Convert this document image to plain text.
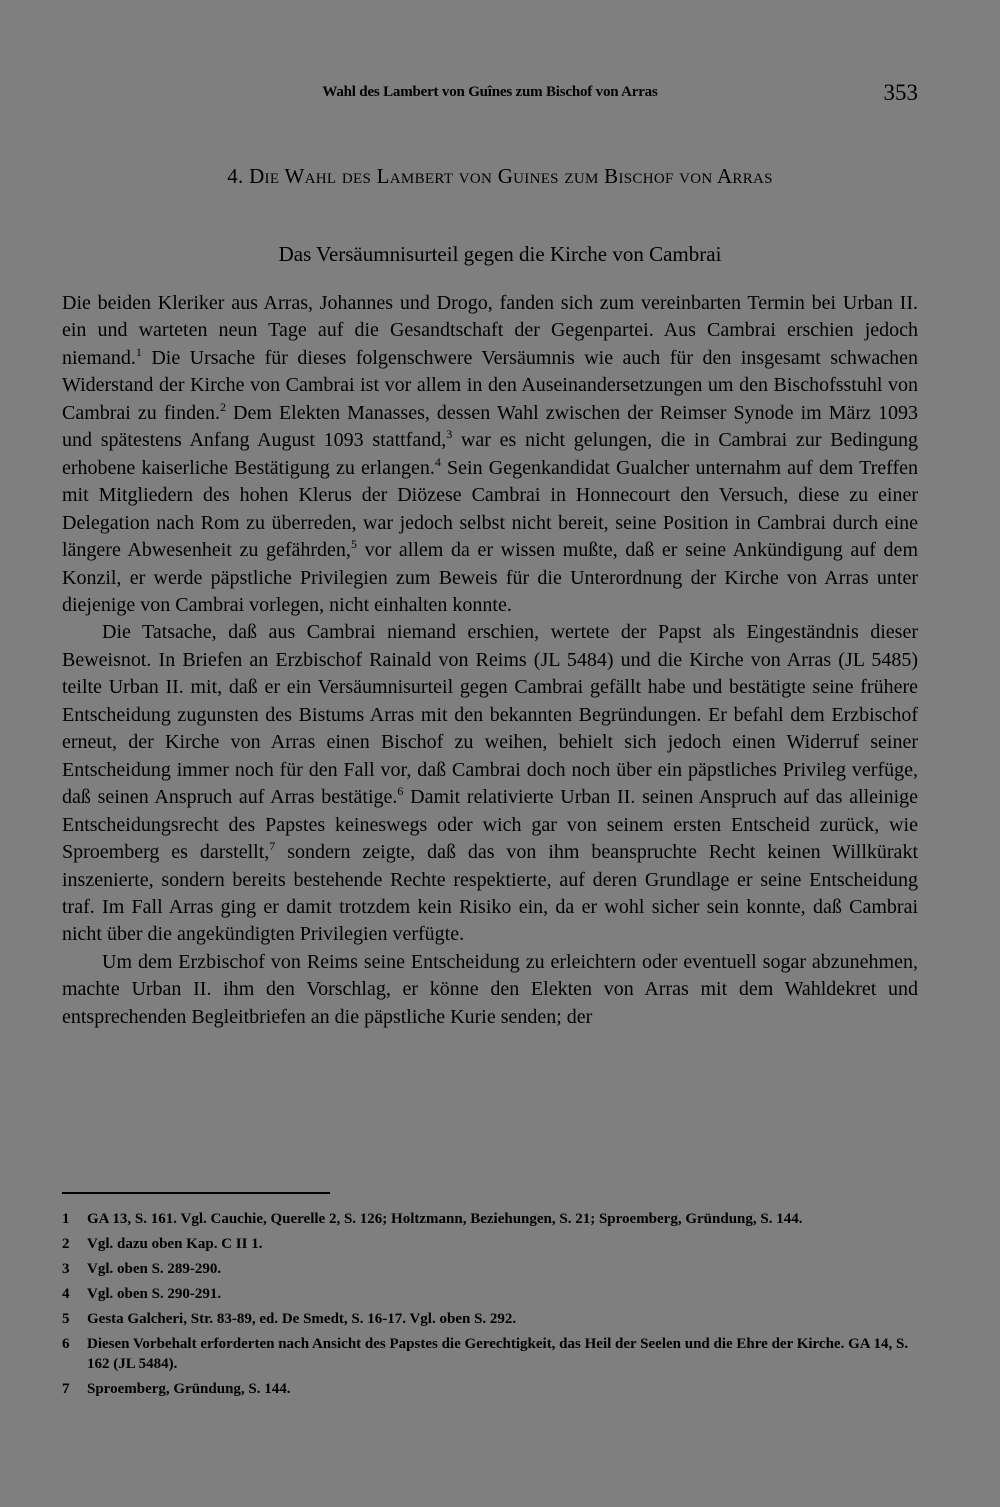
Wahl des Lambert von Guînes zum Bischof von Arras	353
4. Die Wahl des Lambert von Guines zum Bischof von Arras
Das Versäumnisurteil gegen die Kirche von Cambrai

Die beiden Kleriker aus Arras, Johannes und Drogo, fanden sich zum vereinbarten Termin bei Urban II. ein und warteten neun Tage auf die Gesandtschaft der Gegenpartei. Aus Cambrai erschien jedoch niemand.$^1$ Die Ursache für dieses folgenschwere Versäumnis wie auch für den insgesamt schwachen Widerstand der Kirche von Cambrai ist vor allem in den Auseinandersetzungen um den Bischofsstuhl von Cambrai zu finden.$^2$ Dem Elekten Manasses, dessen Wahl zwischen der Reimser Synode im März 1093 und spätestens Anfang August 1093 stattfand,$^3$ war es nicht gelungen, die in Cambrai zur Bedingung erhobene kaiserliche Bestätigung zu erlangen.$^4$ Sein Gegenkandidat Gualcher unternahm auf dem Treffen mit Mitgliedern des hohen Klerus der Diözese Cambrai in Honnecourt den Versuch, diese zu einer Delegation nach Rom zu überreden, war jedoch selbst nicht bereit, seine Position in Cambrai durch eine längere Abwesenheit zu gefährden,$^5$ vor allem da er wissen mußte, daß er seine Ankündigung auf dem Konzil, er werde päpstliche Privilegien zum Beweis für die Unterordnung der Kirche von Arras unter diejenige von Cambrai vorlegen, nicht einhalten konnte.

Die Tatsache, daß aus Cambrai niemand erschien, wertete der Papst als Eingeständnis dieser Beweisnot. In Briefen an Erzbischof Rainald von Reims (JL 5484) und die Kirche von Arras (JL 5485) teilte Urban II. mit, daß er ein Versäumnisurteil gegen Cambrai gefällt habe und bestätigte seine frühere Entscheidung zugunsten des Bistums Arras mit den bekannten Begründungen. Er befahl dem Erzbischof erneut, der Kirche von Arras einen Bischof zu weihen, behielt sich jedoch einen Widerruf seiner Entscheidung immer noch für den Fall vor, daß Cambrai doch noch über ein päpstliches Privileg verfüge, daß seinen Anspruch auf Arras bestätige.$^6$ Damit relativierte Urban II. seinen Anspruch auf das alleinige Entscheidungsrecht des Papstes keineswegs oder wich gar von seinem ersten Entscheid zurück, wie Sproemberg es darstellt,$^7$ sondern zeigte, daß das von ihm beanspruchte Recht keinen Willkürakt inszenierte, sondern bereits bestehende Rechte respektierte, auf deren Grundlage er seine Entscheidung traf. Im Fall Arras ging er damit trotzdem kein Risiko ein, da er wohl sicher sein konnte, daß Cambrai nicht über die angekündigten Privilegien verfügte.

Um dem Erzbischof von Reims seine Entscheidung zu erleichtern oder eventuell sogar abzunehmen, machte Urban II. ihm den Vorschlag, er könne den Elekten von Arras mit dem Wahldekret und entsprechenden Begleitbriefen an die päpstliche Kurie senden; der

1 GA 13, S. 161. Vgl. Cauchie, Querelle 2, S. 126; Holtzmann, Beziehungen, S. 21; Sproemberg, Gründung, S. 144.
2 Vgl. dazu oben Kap. C II 1.
3 Vgl. oben S. 289-290.
4 Vgl. oben S. 290-291.
5 Gesta Galcheri, Str. 83-89, ed. De Smedt, S. 16-17. Vgl. oben S. 292.
6 Diesen Vorbehalt erforderten nach Ansicht des Papstes die Gerechtigkeit, das Heil der Seelen und die Ehre der Kirche. GA 14, S. 162 (JL 5484).
7 Sproemberg, Gründung, S. 144.
